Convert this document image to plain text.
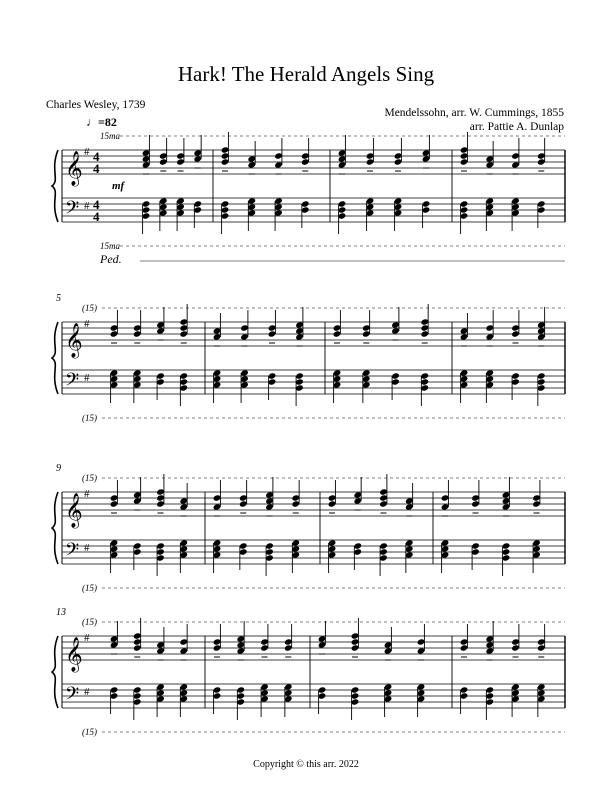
Hark! The Herald Angels Sing
Charles Wesley, 1739
Mendelssohn, arr. W. Cummings, 1855
arr. Pattie A. Dunlap
♩=82
𝄞
𝄢
#
#
4
4
4
4
mf
15ma
15ma
Ped.
𝄞
𝄢
#
#
(15)
(15)
5
𝄞
𝄢
#
#
(15)
(15)
9
𝄞
𝄢
#
#
(15)
(15)
13
Copyright © this arr. 2022
